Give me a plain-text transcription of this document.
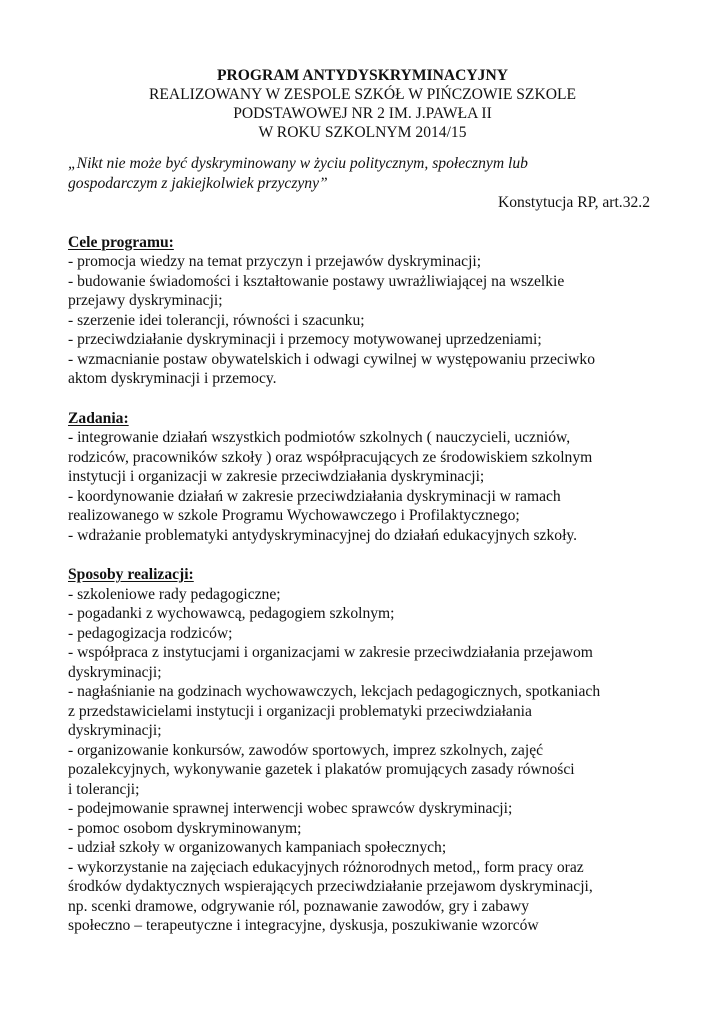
PROGRAM ANTYDYSKRYMINACYJNY
REALIZOWANY W ZESPOLE SZKÓŁ W PIŃCZOWIE SZKOLE
PODSTAWOWEJ NR 2 IM. J.PAWŁA II
W ROKU SZKOLNYM 2014/15
„Nikt nie może być dyskryminowany w życiu politycznym, społecznym lub
gospodarczym z jakiejkolwiek przyczyny”
Konstytucja RP, art.32.2
Cele programu:
- promocja wiedzy na temat przyczyn i przejawów dyskryminacji;
- budowanie świadomości i kształtowanie postawy uwrażliwiającej na wszelkie
przejawy dyskryminacji;
- szerzenie idei tolerancji, równości i szacunku;
- przeciwdziałanie dyskryminacji i przemocy motywowanej uprzedzeniami;
- wzmacnianie postaw obywatelskich i odwagi cywilnej w występowaniu przeciwko
aktom dyskryminacji i przemocy.
Zadania:
- integrowanie działań wszystkich podmiotów szkolnych ( nauczycieli, uczniów,
rodziców, pracowników szkoły ) oraz współpracujących ze środowiskiem szkolnym
instytucji i organizacji w zakresie przeciwdziałania dyskryminacji;
- koordynowanie działań w zakresie przeciwdziałania dyskryminacji w ramach
realizowanego w szkole Programu Wychowawczego i Profilaktycznego;
- wdrażanie problematyki antydyskryminacyjnej do działań edukacyjnych szkoły.
Sposoby realizacji:
- szkoleniowe rady pedagogiczne;
- pogadanki z wychowawcą, pedagogiem szkolnym;
- pedagogizacja rodziców;
- współpraca z instytucjami i organizacjami w zakresie przeciwdziałania przejawom
dyskryminacji;
- nagłaśnianie na godzinach wychowawczych, lekcjach pedagogicznych, spotkaniach
z przedstawicielami instytucji i organizacji problematyki przeciwdziałania
dyskryminacji;
- organizowanie konkursów, zawodów sportowych, imprez szkolnych, zajęć
pozalekcyjnych, wykonywanie gazetek i plakatów promujących zasady równości
i tolerancji;
- podejmowanie sprawnej interwencji wobec sprawców dyskryminacji;
- pomoc osobom dyskryminowanym;
- udział szkoły w organizowanych kampaniach społecznych;
- wykorzystanie na zajęciach edukacyjnych różnorodnych metod,, form pracy oraz
środków dydaktycznych wspierających przeciwdziałanie przejawom dyskryminacji,
np. scenki dramowe, odgrywanie ról, poznawanie zawodów, gry i zabawy
społeczno – terapeutyczne i integracyjne, dyskusja, poszukiwanie wzorców
